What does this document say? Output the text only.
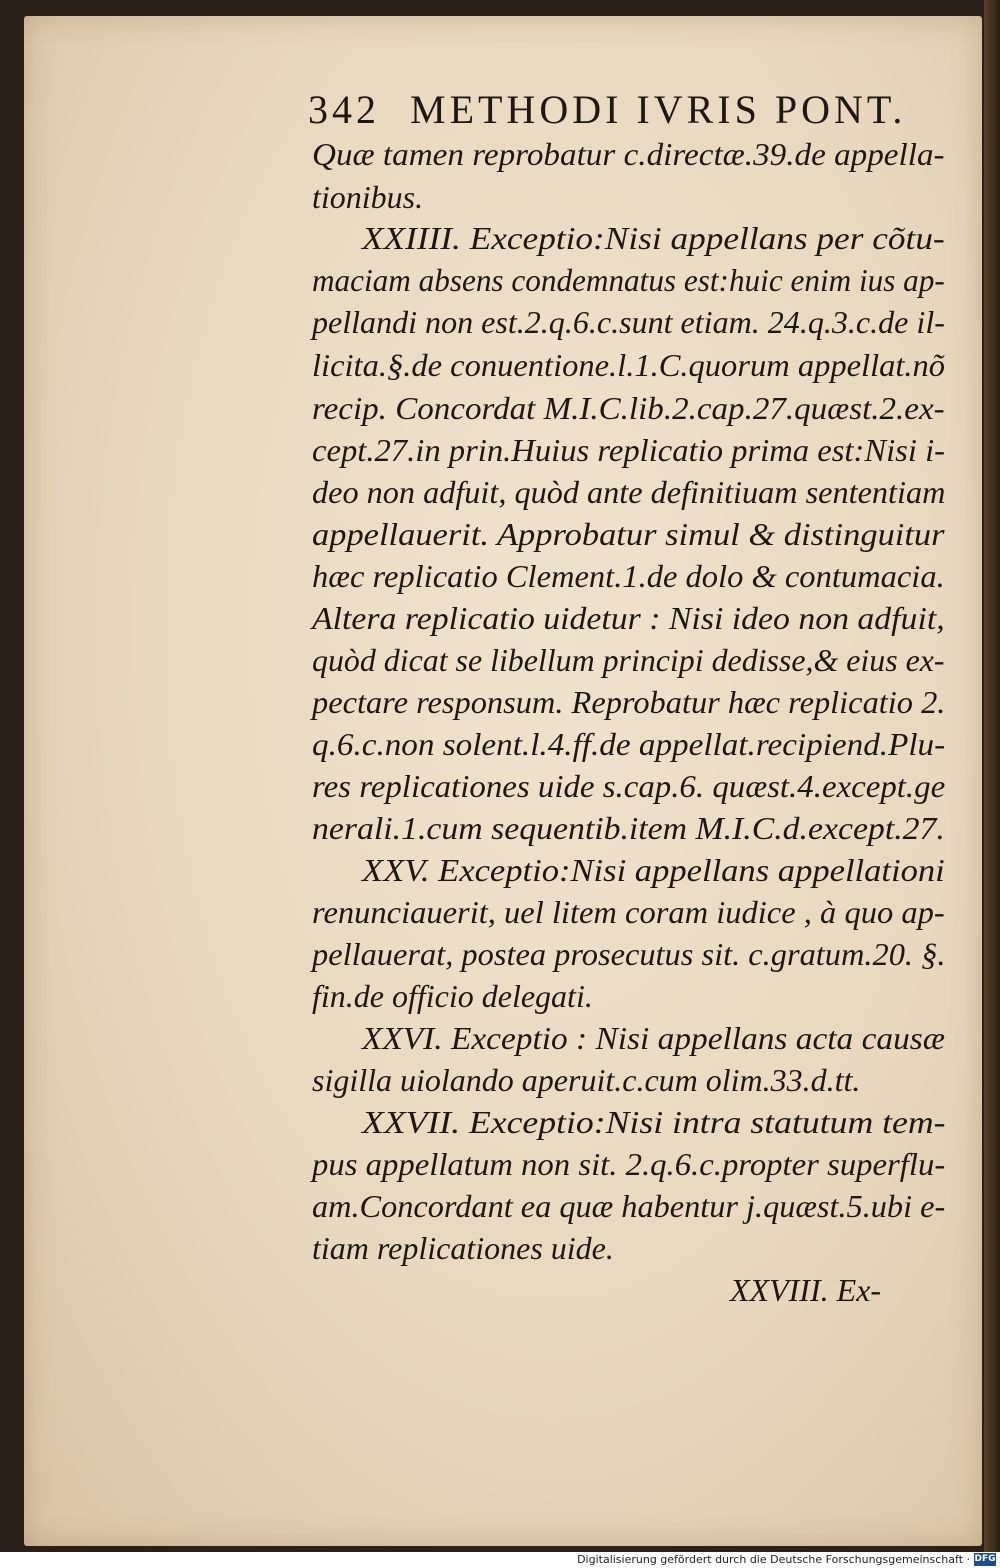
342 METHODI IVRIS PONT.
Quæ tamen reprobatur c.directæ.39.de appella-
tionibus.
XXIIII. Exceptio:Nisi appellans per cõtu-
maciam absens condemnatus est:huic enim ius ap-
pellandi non est.2.q.6.c.sunt etiam. 24.q.3.c.de il-
licita.§.de conuentione.l.1.C.quorum appellat.nõ
recip. Concordat M.I.C.lib.2.cap.27.quæst.2.ex-
cept.27.in prin.Huius replicatio prima est:Nisi i-
deo non adfuit, quòd ante definitiuam sententiam
appellauerit. Approbatur simul & distinguitur
hæc replicatio Clement.1.de dolo & contumacia.
Altera replicatio uidetur : Nisi ideo non adfuit,
quòd dicat se libellum principi dedisse,& eius ex-
pectare responsum. Reprobatur hæc replicatio 2.
q.6.c.non solent.l.4.ff.de appellat.recipiend.Plu-
res replicationes uide s.cap.6. quæst.4.except.ge
nerali.1.cum sequentib.item M.I.C.d.except.27.
XXV. Exceptio:Nisi appellans appellationi
renunciauerit, uel litem coram iudice , à quo ap-
pellauerat, postea prosecutus sit. c.gratum.20. §.
fin.de officio delegati.
XXVI. Exceptio : Nisi appellans acta causæ
sigilla uiolando aperuit.c.cum olim.33.d.tt.
XXVII. Exceptio:Nisi intra statutum tem-
pus appellatum non sit. 2.q.6.c.propter superflu-
am.Concordant ea quæ habentur j.quæst.5.ubi e-
tiam replicationes uide.
XXVIII. Ex-
Digitalisierung gefördert durch die Deutsche Forschungsgemeinschaft · DFG
